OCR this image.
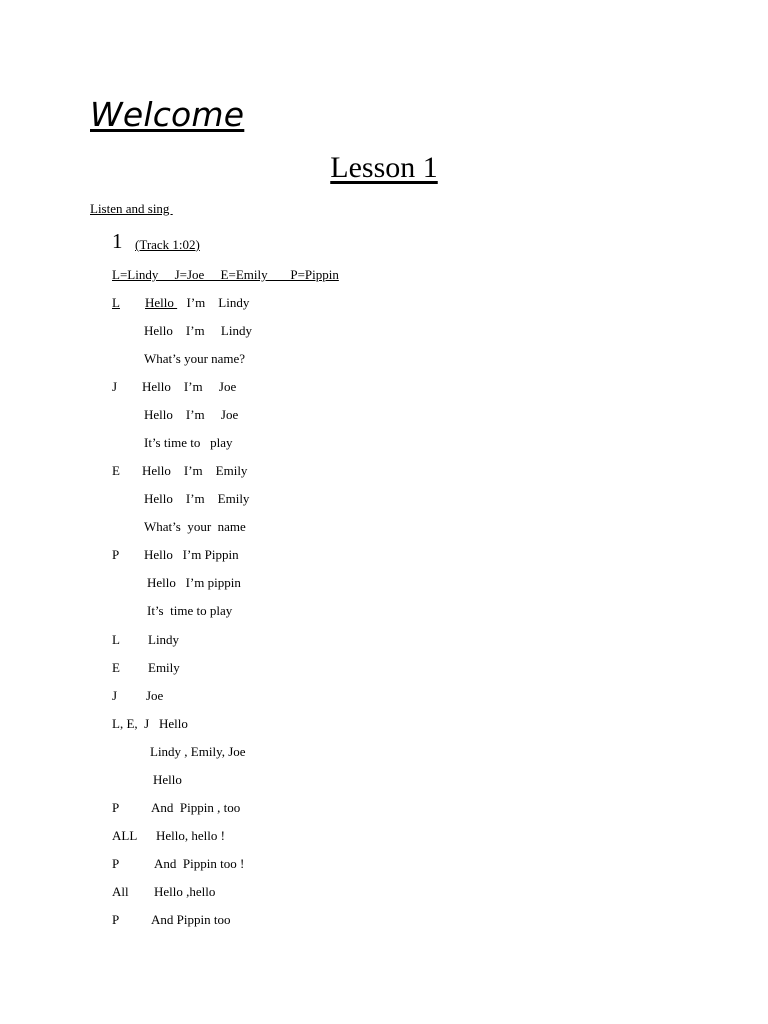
Welcome
Lesson 1
Listen and sing
1 (Track 1:02)
L=Lindy     J=Joe     E=Emily       P=Pippin

L

	Hello

I’m    Lindy

Hello    I’m     Lindy

What’s your name?

J

Hello    I’m     Joe

Hello    I’m     Joe

It’s time to   play

E

Hello    I’m    Emily

Hello    I’m    Emily

What’s  your  name

P

Hello   I’m Pippin

Hello   I’m pippin

It’s  time to play

L

Lindy

E

Emily

J

Joe

L, E,  J

Hello

Lindy , Emily, Joe

Hello

P

And  Pippin , too

ALL

Hello, hello !

P

	And  Pippin too !

All

Hello ,hello

P

And Pippin too
